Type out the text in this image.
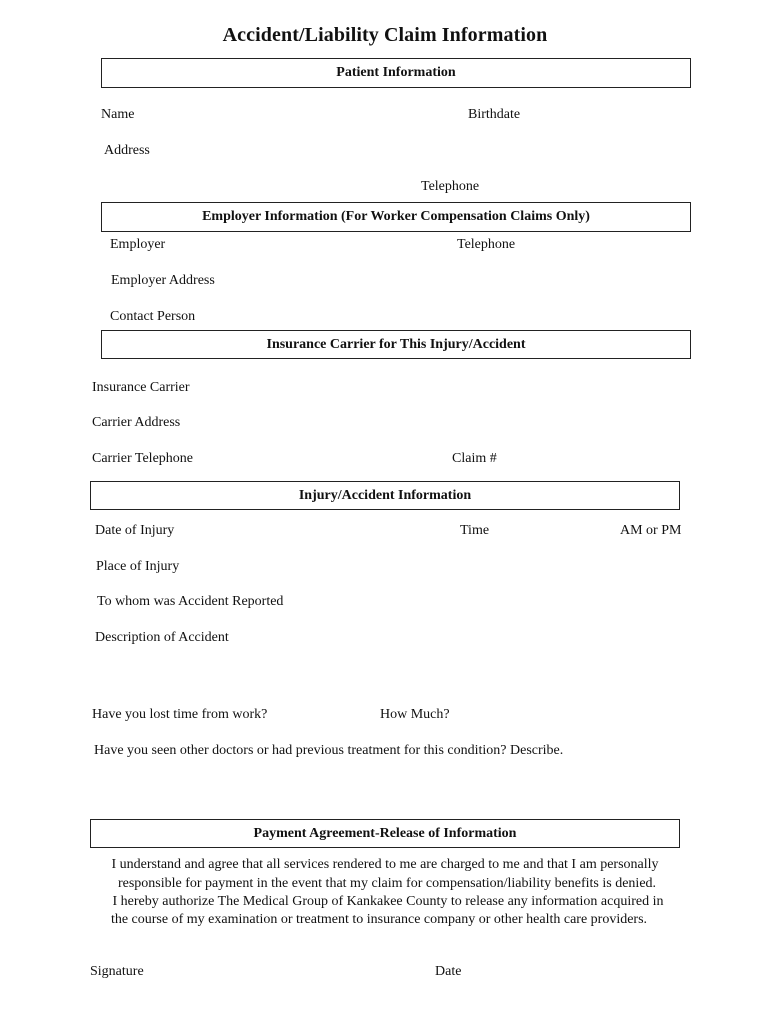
Accident/Liability Claim Information
Patient Information
Name	Birthdate
Address
Telephone
Employer Information (For Worker Compensation Claims Only)
Employer	Telephone
Employer Address
Contact Person
Insurance Carrier for This Injury/Accident
Insurance Carrier
Carrier Address
Carrier Telephone	Claim #
Injury/Accident Information
Date of Injury	Time	AM or PM
Place of Injury
To whom was Accident Reported
Description of Accident
Have you lost time from work?	How Much?
Have you seen other doctors or had previous treatment for this condition? Describe.
Payment Agreement-Release of Information
I understand and agree that all services rendered to me are charged to me and that I am personally
responsible for payment in the event that my claim for compensation/liability benefits is denied.
I hereby authorize The Medical Group of Kankakee County to release any information acquired in
the course of my examination or treatment to insurance company or other health care providers.
Signature	Date
